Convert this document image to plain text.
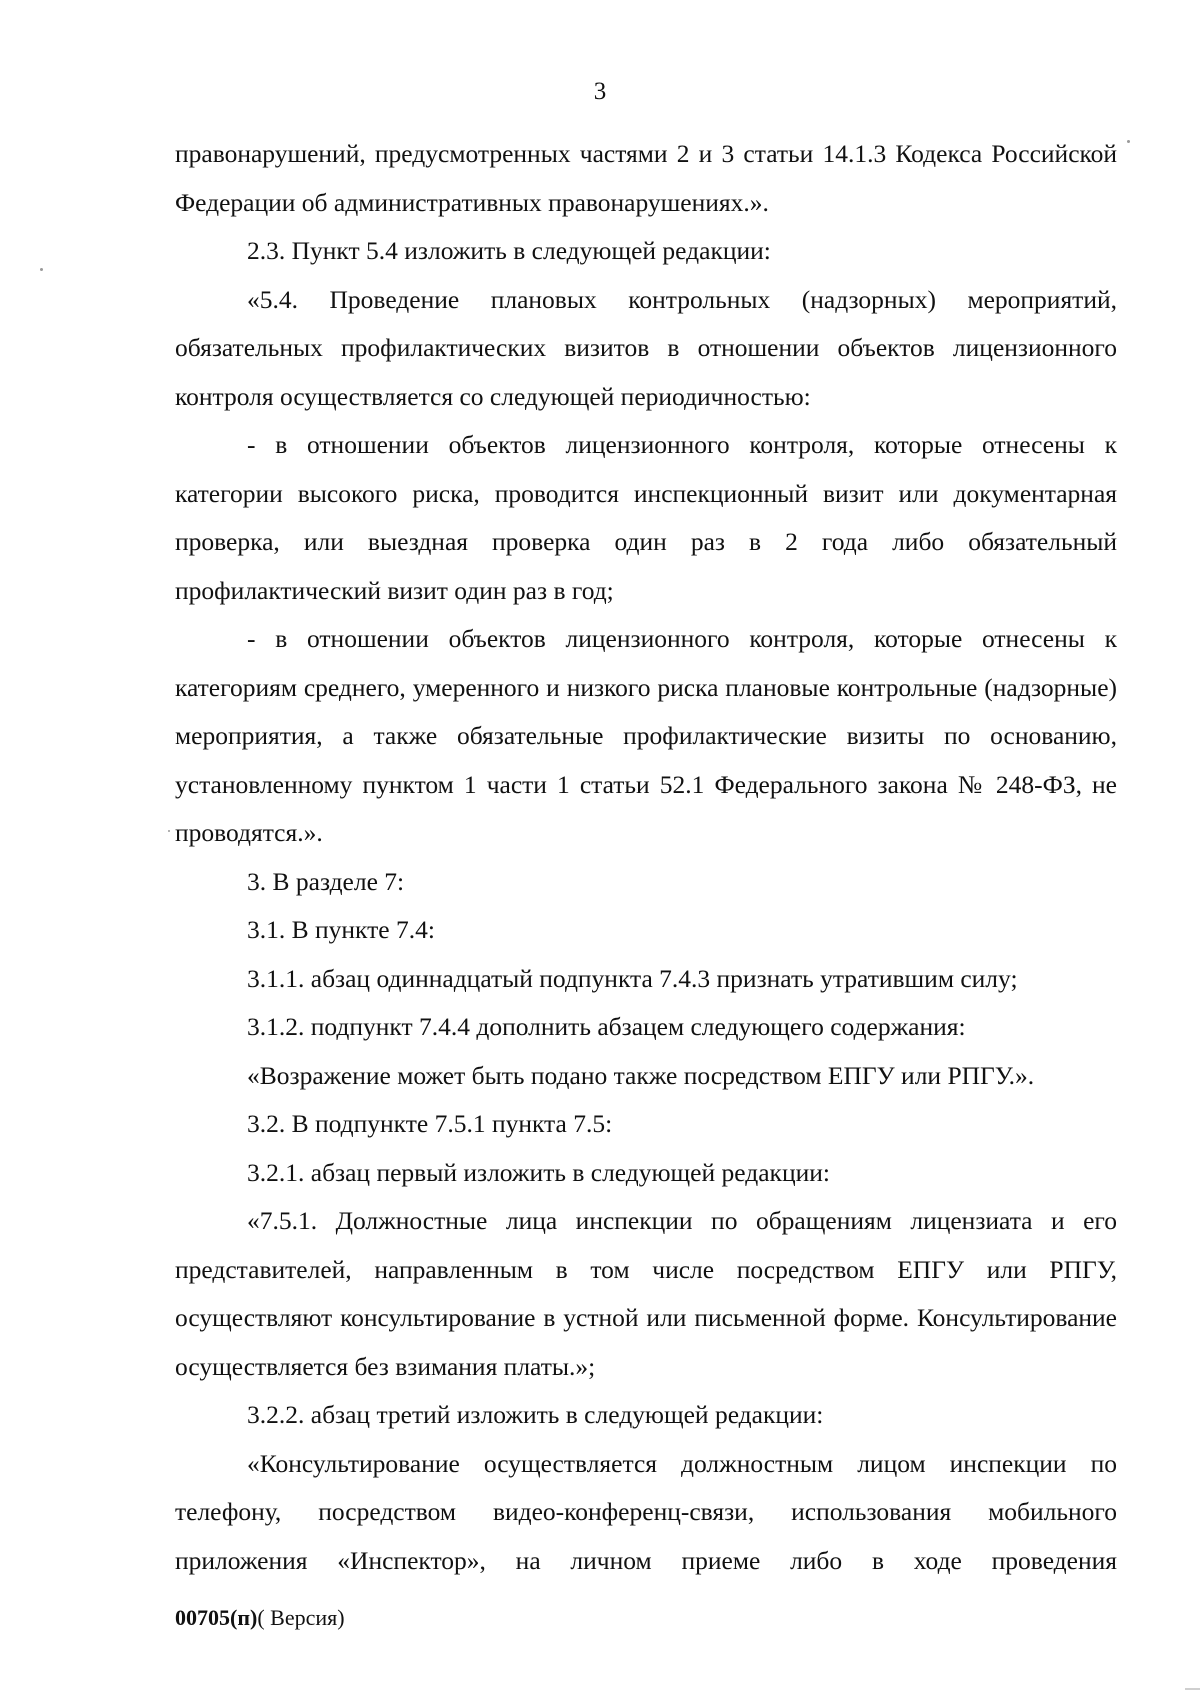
3

правонарушений, предусмотренных частями 2 и 3 статьи 14.1.3 Кодекса Российской Федерации об административных правонарушениях.».

2.3. Пункт 5.4 изложить в следующей редакции:

«5.4. Проведение плановых контрольных (надзорных) мероприятий, обязательных профилактических визитов в отношении объектов лицензионного контроля осуществляется со следующей периодичностью:

- в отношении объектов лицензионного контроля, которые отнесены к категории высокого риска, проводится инспекционный визит или документарная проверка, или выездная проверка один раз в 2 года либо обязательный профилактический визит один раз в год;

- в отношении объектов лицензионного контроля, которые отнесены к категориям среднего, умеренного и низкого риска плановые контрольные (надзорные) мероприятия, а также обязательные профилактические визиты по основанию, установленному пунктом 1 части 1 статьи 52.1 Федерального закона № 248-ФЗ, не проводятся.».

3. В разделе 7:

3.1. В пункте 7.4:

3.1.1. абзац одиннадцатый подпункта 7.4.3 признать утратившим силу;

3.1.2. подпункт 7.4.4 дополнить абзацем следующего содержания:

«Возражение может быть подано также посредством ЕПГУ или РПГУ.».

3.2. В подпункте 7.5.1 пункта 7.5:

3.2.1. абзац первый изложить в следующей редакции:

«7.5.1. Должностные лица инспекции по обращениям лицензиата и его представителей, направленным в том числе посредством ЕПГУ или РПГУ, осуществляют консультирование в устной или письменной форме. Консультирование осуществляется без взимания платы.»;

3.2.2. абзац третий изложить в следующей редакции:

«Консультирование осуществляется должностным лицом инспекции по телефону, посредством видео-конференц-связи, использования мобильного приложения «Инспектор», на личном приеме либо в ходе проведения

00705(п)( Версия)
